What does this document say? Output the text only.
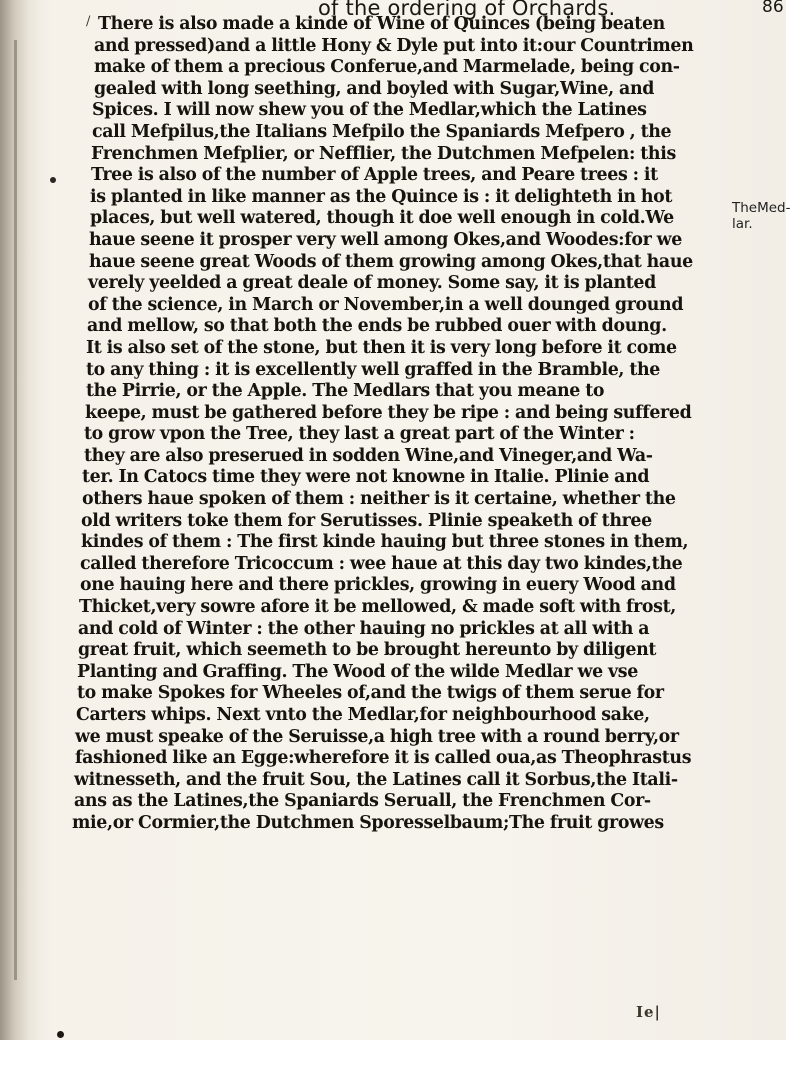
of the ordering of Orchards.	86
/ There is also made a kinde of Wine of Quinces (being beaten
and pressed)and a little Hony & Dyle put into it:our Countrimen
make of them a precious Conferue,and Marmelade, being con-
gealed with long seething, and boyled with Sugar,Wine, and
Spices. I will now shew you of the Medlar,which the Latines
call Mefpilus,the Italians Mefpilo the Spaniards Mefpero , the
Frenchmen Mefplier, or Nefflier, the Dutchmen Mefpelen: this
Tree is also of the number of Apple trees, and Peare trees : it
is planted in like manner as the Quince is : it delighteth in hot
places, but well watered, though it doe well enough in cold.We
haue seene it prosper very well among Okes,and Woodes:for we
haue seene great Woods of them growing among Okes,that haue
verely yeelded a great deale of money. Some say, it is planted
of the science, in March or November,in a well dounged ground
and mellow, so that both the ends be rubbed ouer with doung.
It is also set of the stone, but then it is very long before it come
to any thing : it is excellently well graffed in the Bramble, the
the Pirrie, or the Apple. The Medlars that you meane to
keepe, must be gathered before they be ripe : and being suffered
to grow vpon the Tree, they last a great part of the Winter :
they are also preserued in sodden Wine,and Vineger,and Wa-
ter. In Catocs time they were not knowne in Italie. Plinie and
others haue spoken of them : neither is it certaine, whether the
old writers toke them for Serutisses. Plinie speaketh of three
kindes of them : The first kinde hauing but three stones in them,
called therefore Tricoccum : wee haue at this day two kindes,the
one hauing here and there prickles, growing in euery Wood and
Thicket,very sowre afore it be mellowed, & made soft with frost,
and cold of Winter : the other hauing no prickles at all with a
great fruit, which seemeth to be brought hereunto by diligent
Planting and Graffing. The Wood of the wilde Medlar we vse
to make Spokes for Wheeles of,and the twigs of them serue for
Carters whips. Next vnto the Medlar,for neighbourhood sake,
we must speake of the Seruisse,a high tree with a round berry,or
fashioned like an Egge:wherefore it is called oua,as Theophrastus
witnesseth, and the fruit Sou, the Latines call it Sorbus,the Itali-
ans as the Latines,the Spaniards Seruall, the Frenchmen Cor-
mie,or Cormier,the Dutchmen Sporesselbaum;The fruit growes
TheMed-lar.
Ie|
